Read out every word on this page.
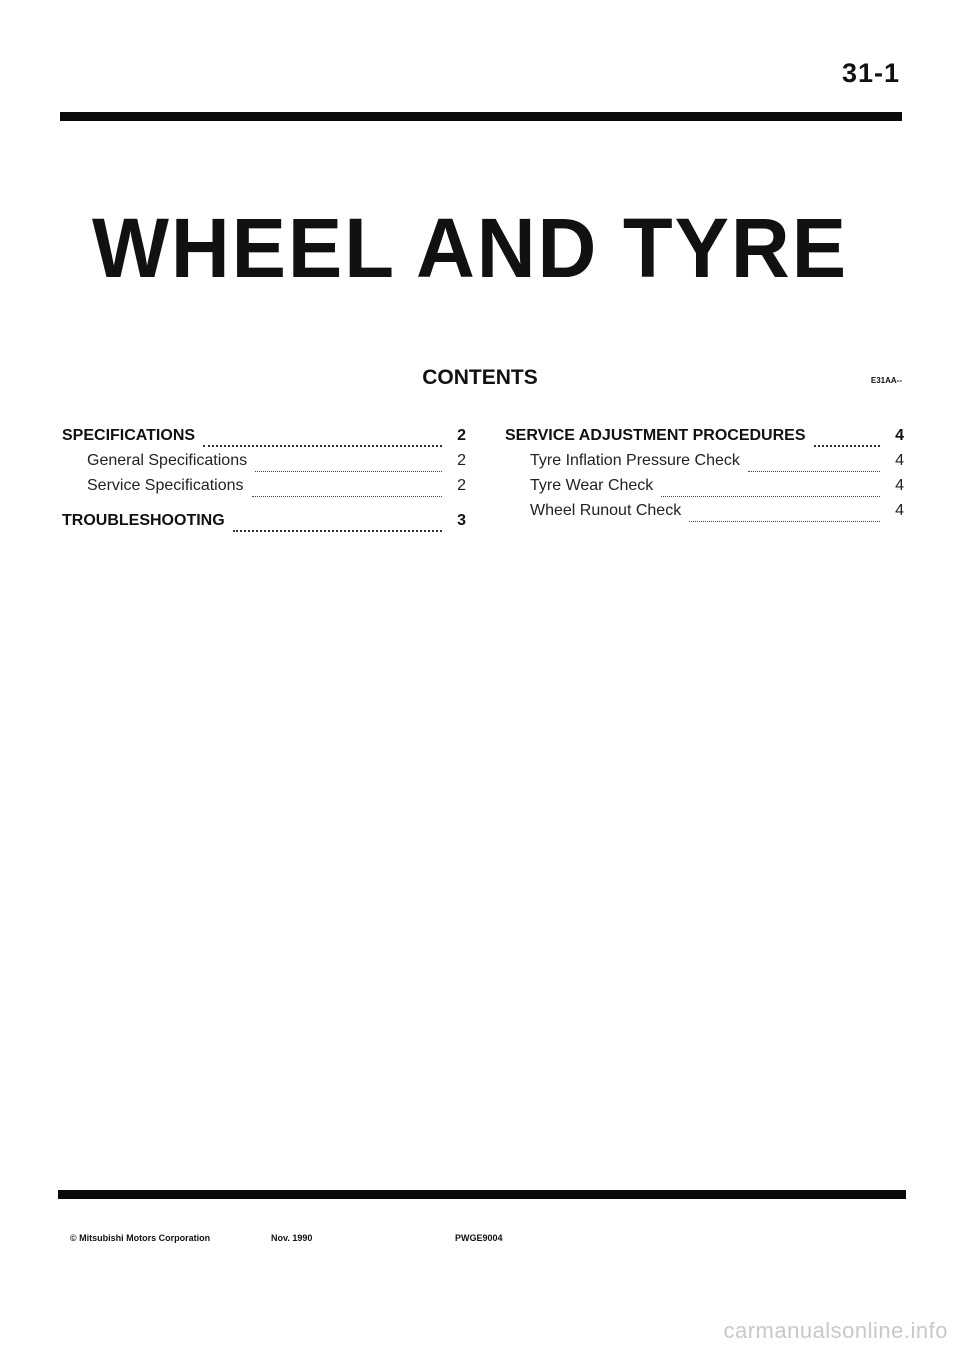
31-1
WHEEL AND TYRE
CONTENTS	E31AA--
SPECIFICATIONS	2
General Specifications	2
Service Specifications	2
TROUBLESHOOTING	3
SERVICE ADJUSTMENT PROCEDURES	4
Tyre Inflation Pressure Check	4
Tyre Wear Check	4
Wheel Runout Check	4
© Mitsubishi Motors Corporation	Nov. 1990	PWGE9004
carmanualsonline.info
